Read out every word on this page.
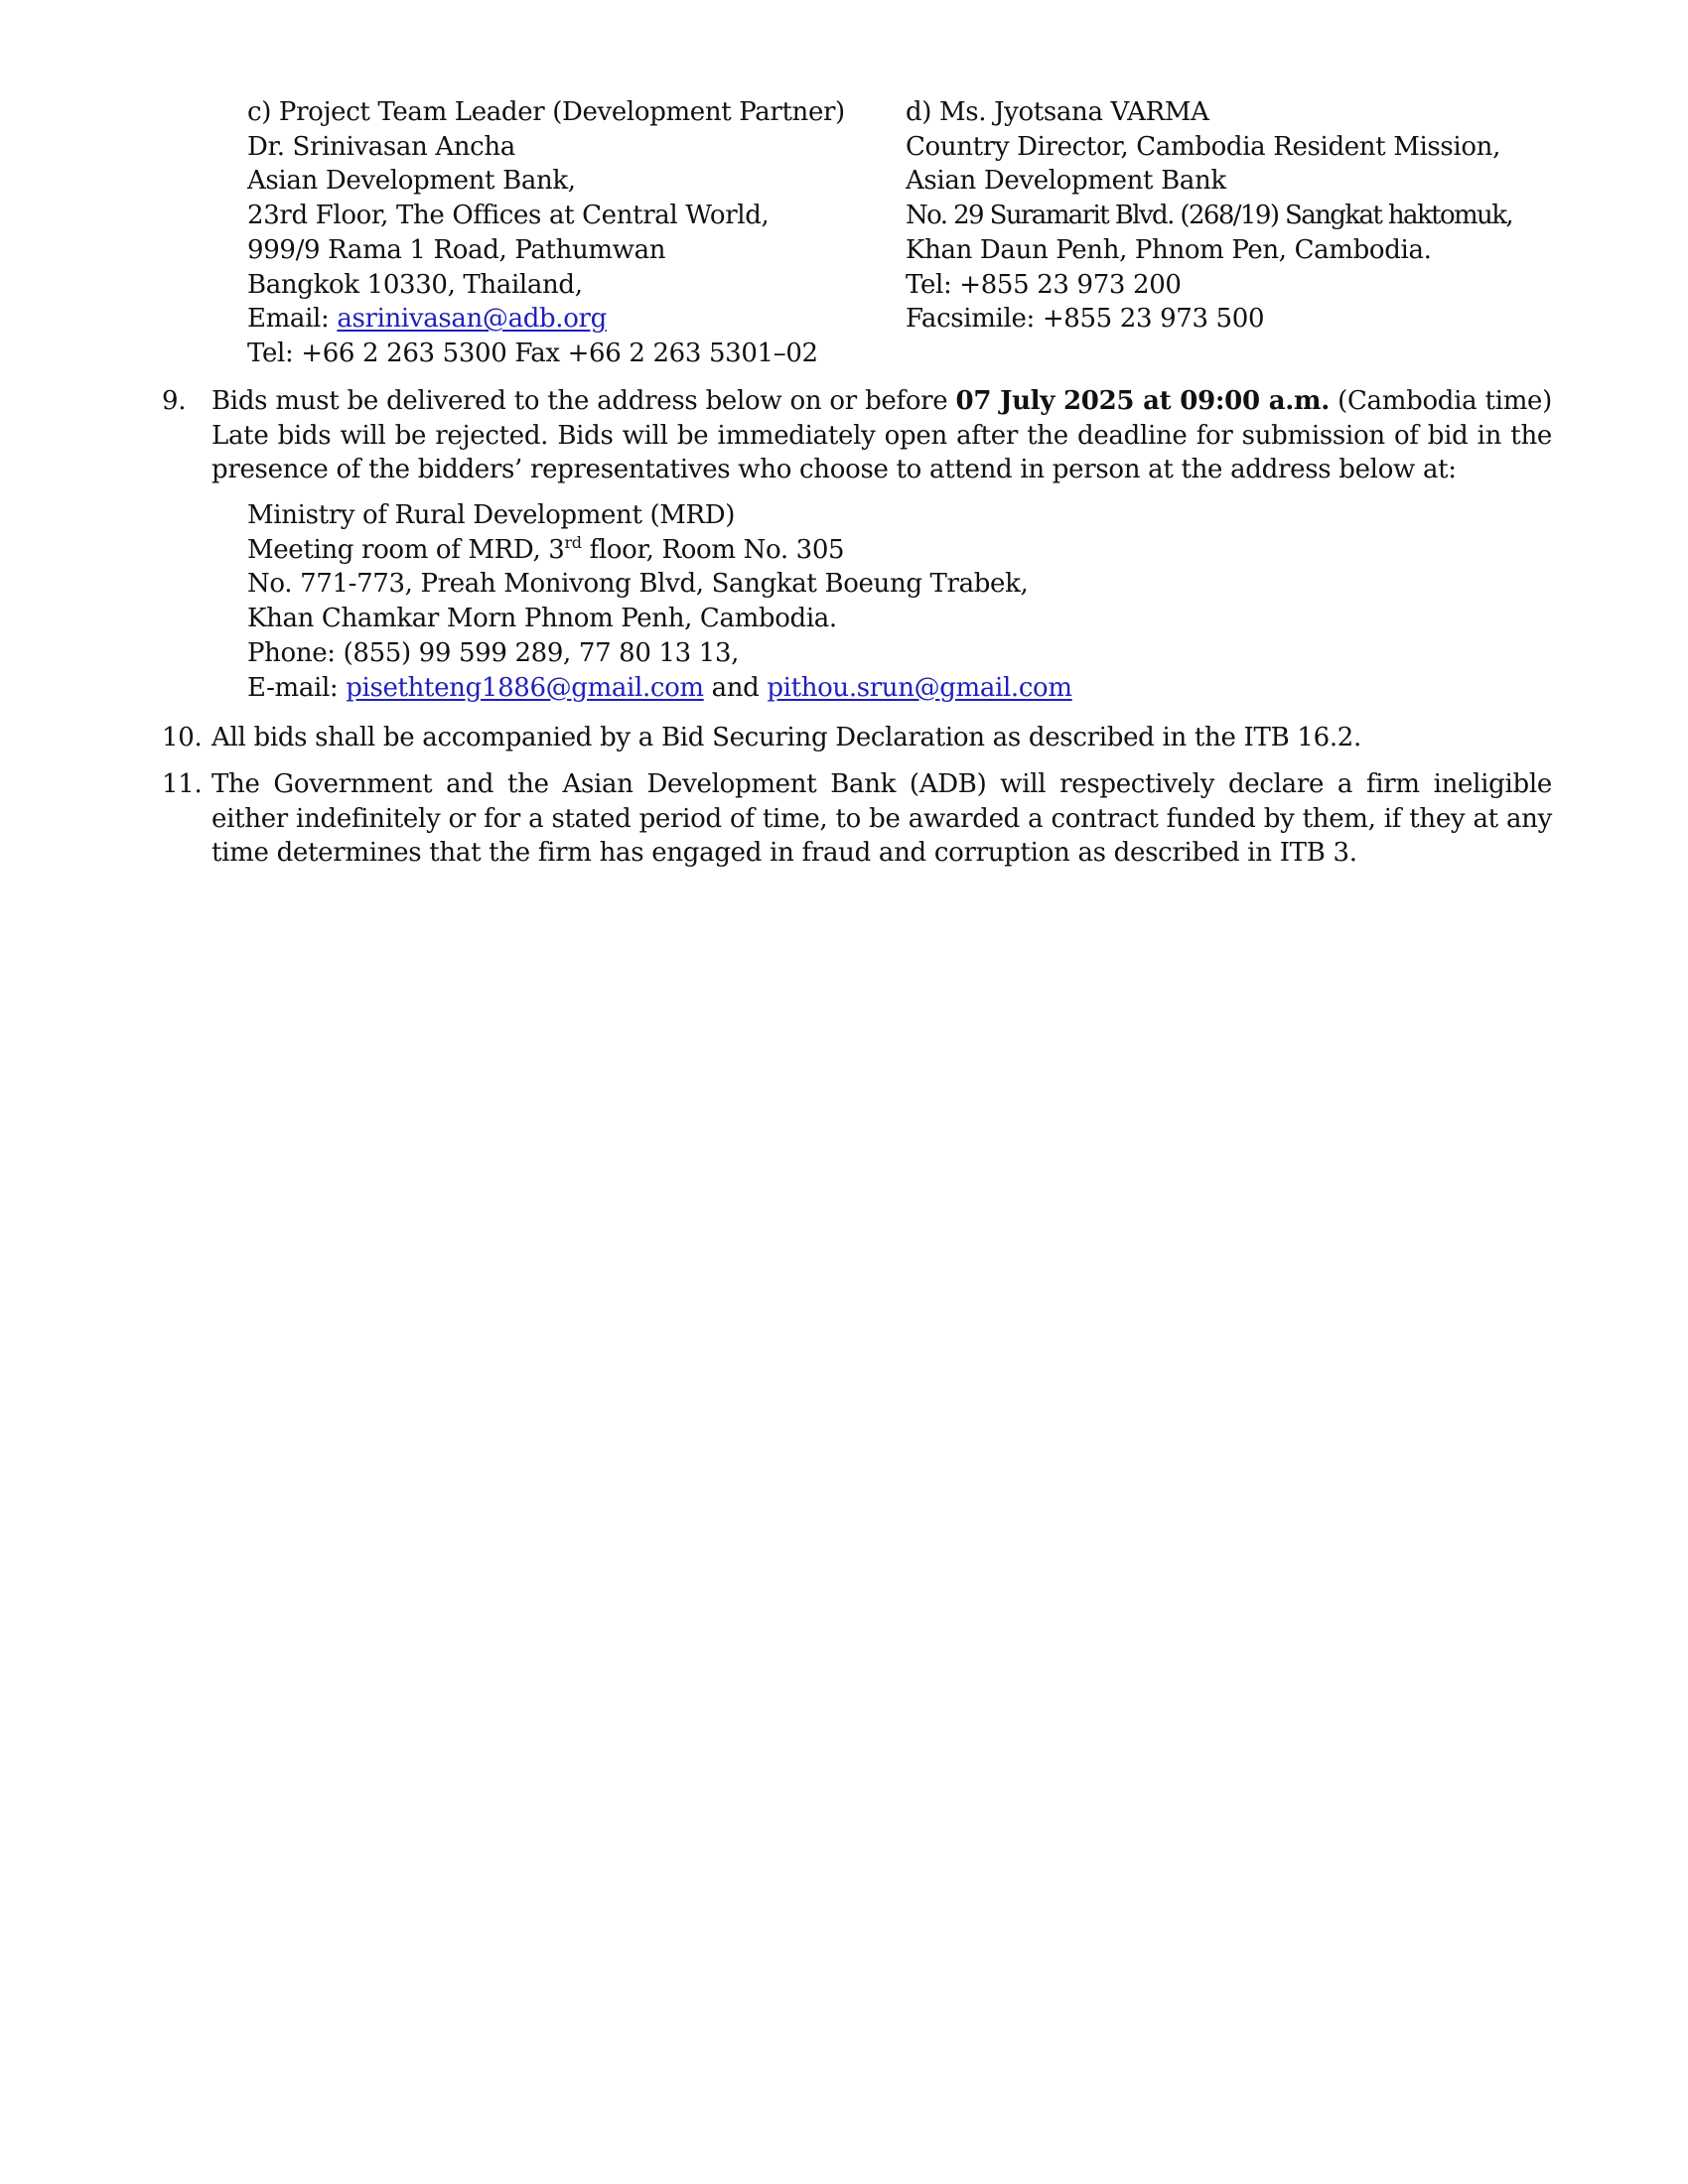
c) Project Team Leader (Development Partner)
Dr. Srinivasan Ancha
Asian Development Bank,
23rd Floor, The Offices at Central World,
999/9 Rama 1 Road, Pathumwan
Bangkok 10330, Thailand,
Email: asrinivasan@adb.org
Tel: +66 2 263 5300 Fax +66 2 263 5301–02
d) Ms. Jyotsana VARMA
Country Director, Cambodia Resident Mission,
Asian Development Bank
No. 29 Suramarit Blvd. (268/19) Sangkat haktomuk,
Khan Daun Penh, Phnom Pen, Cambodia.
Tel: +855 23 973 200
Facsimile: +855 23 973 500
9. Bids must be delivered to the address below on or before 07 July 2025 at 09:00 a.m. (Cambodia time) Late bids will be rejected. Bids will be immediately open after the deadline for submission of bid in the presence of the bidders’ representatives who choose to attend in person at the address below at:
Ministry of Rural Development (MRD)
Meeting room of MRD, 3rd floor, Room No. 305
No. 771-773, Preah Monivong Blvd, Sangkat Boeung Trabek,
Khan Chamkar Morn Phnom Penh, Cambodia.
Phone: (855) 99 599 289, 77 80 13 13,
E-mail: pisethteng1886@gmail.com and pithou.srun@gmail.com
10. All bids shall be accompanied by a Bid Securing Declaration as described in the ITB 16.2.
11. The Government and the Asian Development Bank (ADB) will respectively declare a firm ineligible either indefinitely or for a stated period of time, to be awarded a contract funded by them, if they at any time determines that the firm has engaged in fraud and corruption as described in ITB 3.
